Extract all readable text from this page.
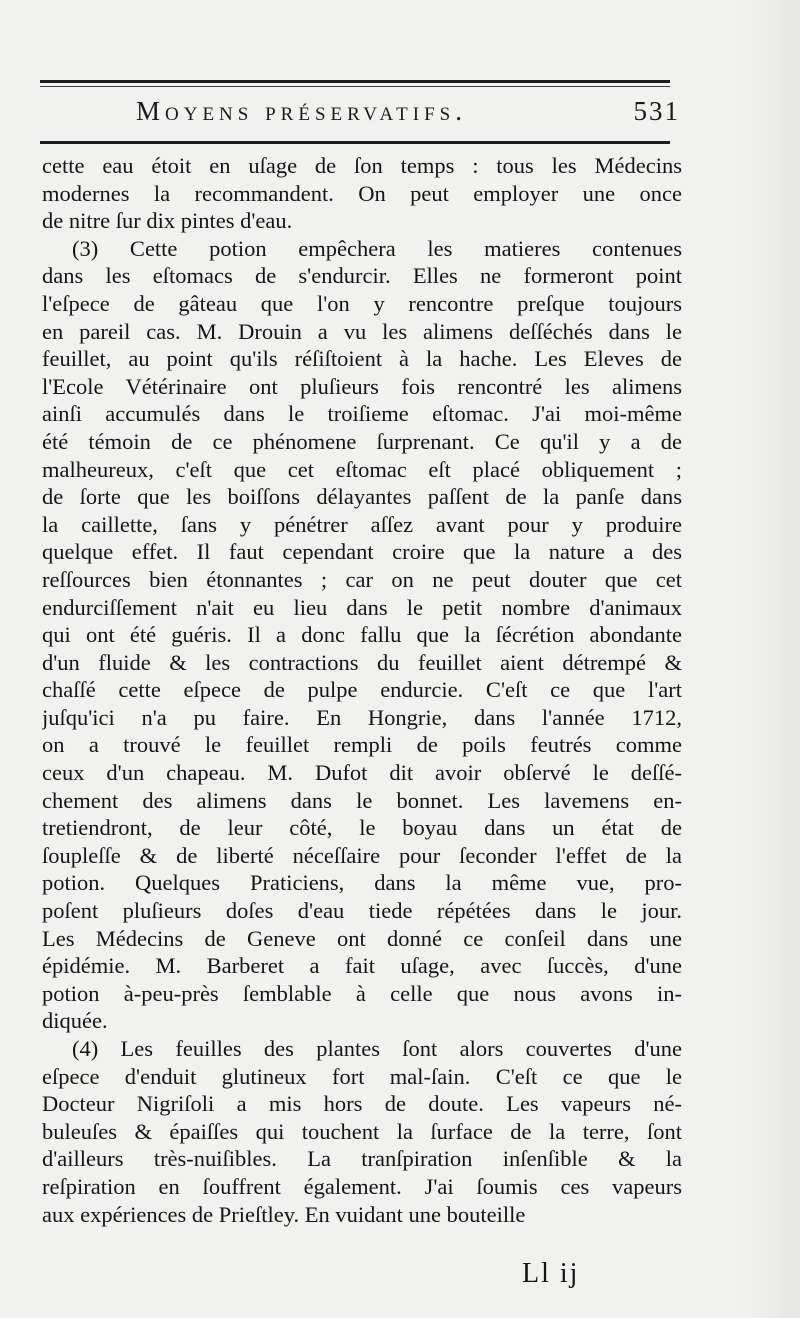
Moyens préservatifs.	531
cette eau étoit en uſage de ſon temps : tous les Médecins
modernes la recommandent. On peut employer une once
de nitre ſur dix pintes d'eau.
(3) Cette potion empêchera les matieres contenues
dans les eſtomacs de s'endurcir. Elles ne formeront point
l'eſpece de gâteau que l'on y rencontre preſque toujours
en pareil cas. M. Drouin a vu les alimens deſſéchés dans le
feuillet, au point qu'ils réſiſtoient à la hache. Les Eleves de
l'Ecole Vétérinaire ont pluſieurs fois rencontré les alimens
ainſi accumulés dans le troiſieme eſtomac. J'ai moi-même
été témoin de ce phénomene ſurprenant. Ce qu'il y a de
malheureux, c'eſt que cet eſtomac eſt placé obliquement ;
de ſorte que les boiſſons délayantes paſſent de la panſe dans
la caillette, ſans y pénétrer aſſez avant pour y produire
quelque effet. Il faut cependant croire que la nature a des
reſſources bien étonnantes ; car on ne peut douter que cet
endurciſſement n'ait eu lieu dans le petit nombre d'animaux
qui ont été guéris. Il a donc fallu que la ſécrétion abondante
d'un fluide & les contractions du feuillet aient détrempé &
chaſſé cette eſpece de pulpe endurcie. C'eſt ce que l'art
juſqu'ici n'a pu faire. En Hongrie, dans l'année 1712,
on a trouvé le feuillet rempli de poils feutrés comme
ceux d'un chapeau. M. Dufot dit avoir obſervé le deſſé-
chement des alimens dans le bonnet. Les lavemens en-
tretiendront, de leur côté, le boyau dans un état de
ſoupleſſe & de liberté néceſſaire pour ſeconder l'effet de la
potion. Quelques Praticiens, dans la même vue, pro-
poſent pluſieurs doſes d'eau tiede répétées dans le jour.
Les Médecins de Geneve ont donné ce conſeil dans une
épidémie. M. Barberet a fait uſage, avec ſuccès, d'une
potion à-peu-près ſemblable à celle que nous avons in-
diquée.
(4) Les feuilles des plantes ſont alors couvertes d'une
eſpece d'enduit glutineux fort mal-ſain. C'eſt ce que le
Docteur Nigriſoli a mis hors de doute. Les vapeurs né-
buleuſes & épaiſſes qui touchent la ſurface de la terre, ſont
d'ailleurs très-nuiſibles. La tranſpiration inſenſible & la
reſpiration en ſouffrent également. J'ai ſoumis ces vapeurs
aux expériences de Prieſtley. En vuidant une bouteille
Ll ij
